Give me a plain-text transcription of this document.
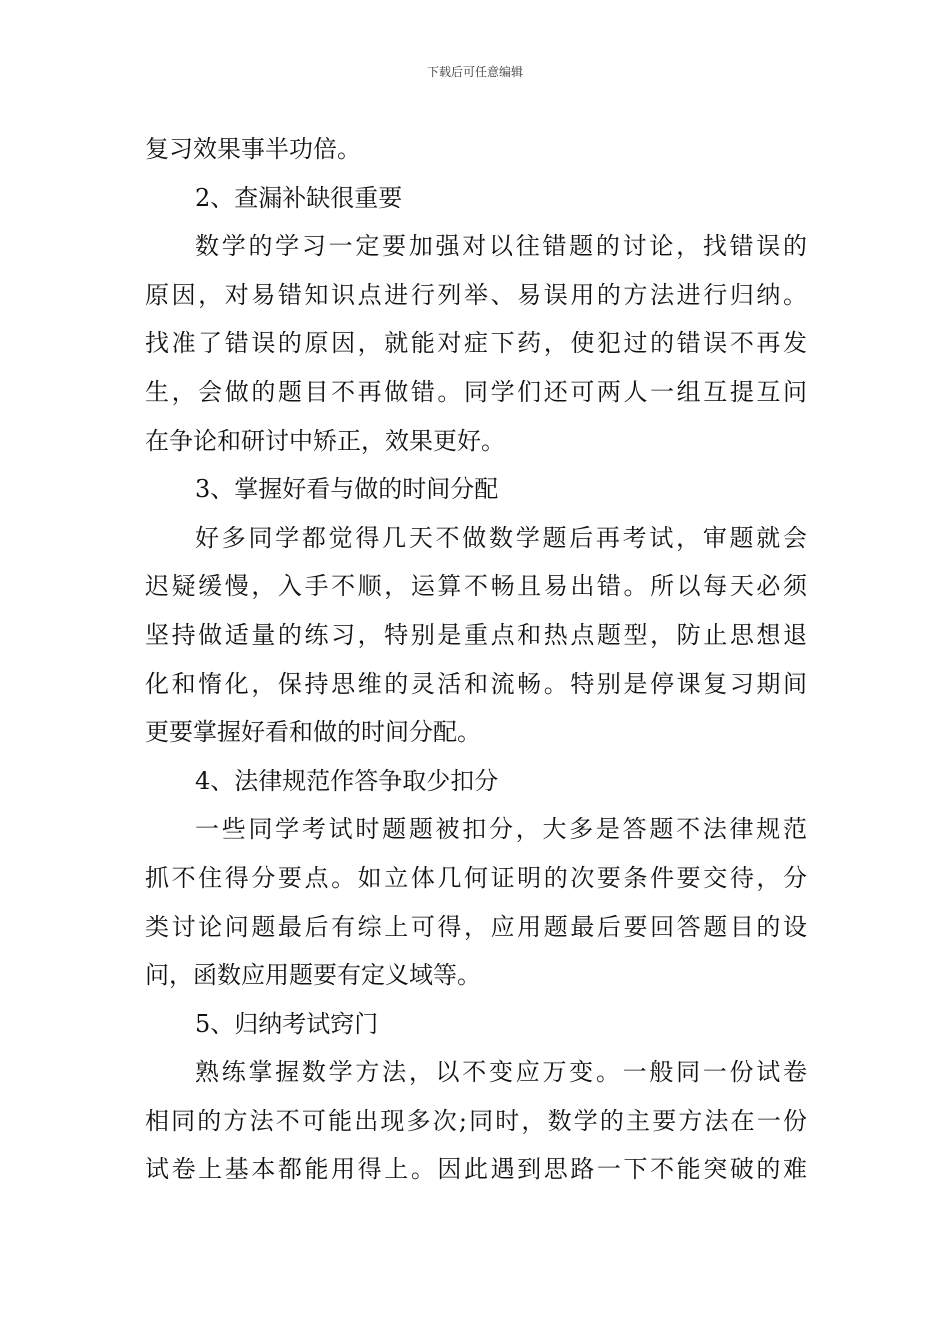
下载后可任意编辑
复习效果事半功倍。
2、查漏补缺很重要
数学的学习一定要加强对以往错题的讨论，找错误的
原因，对易错知识点进行列举、易误用的方法进行归纳。
找准了错误的原因，就能对症下药，使犯过的错误不再发
生，会做的题目不再做错。同学们还可两人一组互提互问
在争论和研讨中矫正，效果更好。
3、掌握好看与做的时间分配
好多同学都觉得几天不做数学题后再考试，审题就会
迟疑缓慢，入手不顺，运算不畅且易出错。所以每天必须
坚持做适量的练习，特别是重点和热点题型，防止思想退
化和惰化，保持思维的灵活和流畅。特别是停课复习期间
更要掌握好看和做的时间分配。
4、法律规范作答争取少扣分
一些同学考试时题题被扣分，大多是答题不法律规范
抓不住得分要点。如立体几何证明的次要条件要交待，分
类讨论问题最后有综上可得，应用题最后要回答题目的设
问，函数应用题要有定义域等。
5、归纳考试窍门
熟练掌握数学方法，以不变应万变。一般同一份试卷
相同的方法不可能出现多次;同时，数学的主要方法在一份
试卷上基本都能用得上。因此遇到思路一下不能突破的难
